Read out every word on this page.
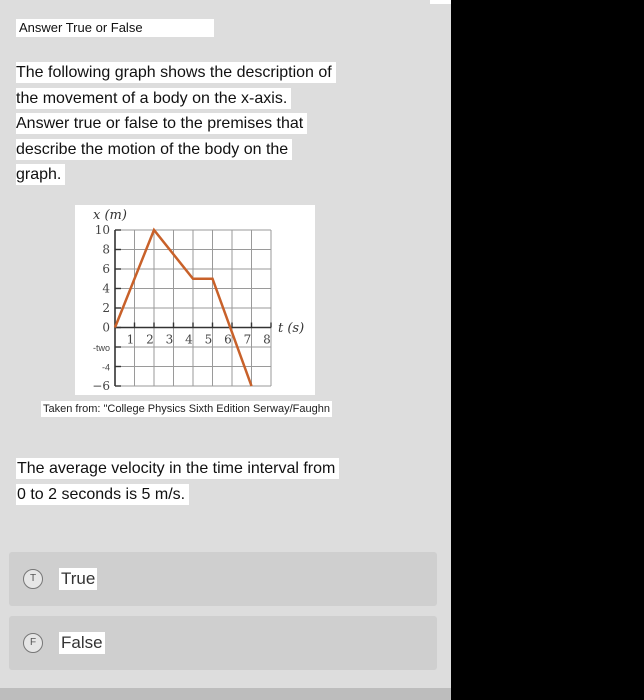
Answer True or False
The following graph shows the description of
the movement of a body on the x-axis.
Answer true or false to the premises that
describe the motion of the body on the
graph.
10
8
6
4
2
0
-two
-4
−6
1 2 3 4 5 6 7 8
x (m)
t (s)
Taken from: "College Physics Sixth Edition Serway/Faughn
The average velocity in the time interval from
0 to 2 seconds is 5 m/s.
T	True
F	False
